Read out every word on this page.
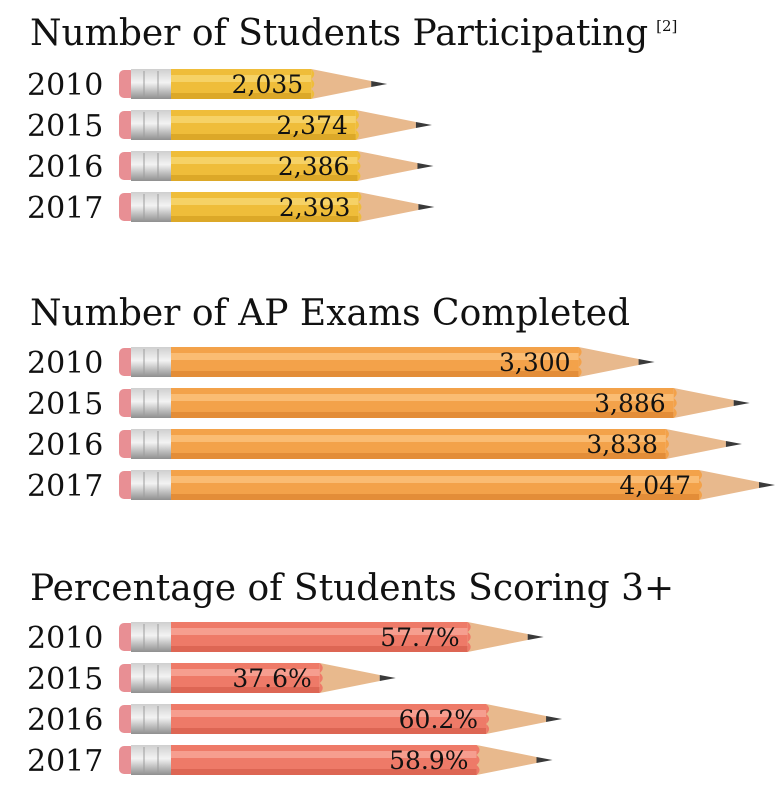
Number of Students Participating [2]
2010	2,035
2015	2,374
2016	2,386
2017	2,393
Number of AP Exams Completed
2010	3,300
2015	3,886
2016	3,838
2017	4,047
Percentage of Students Scoring 3+
2010	57.7%
2015	37.6%
2016	60.2%
2017	58.9%
